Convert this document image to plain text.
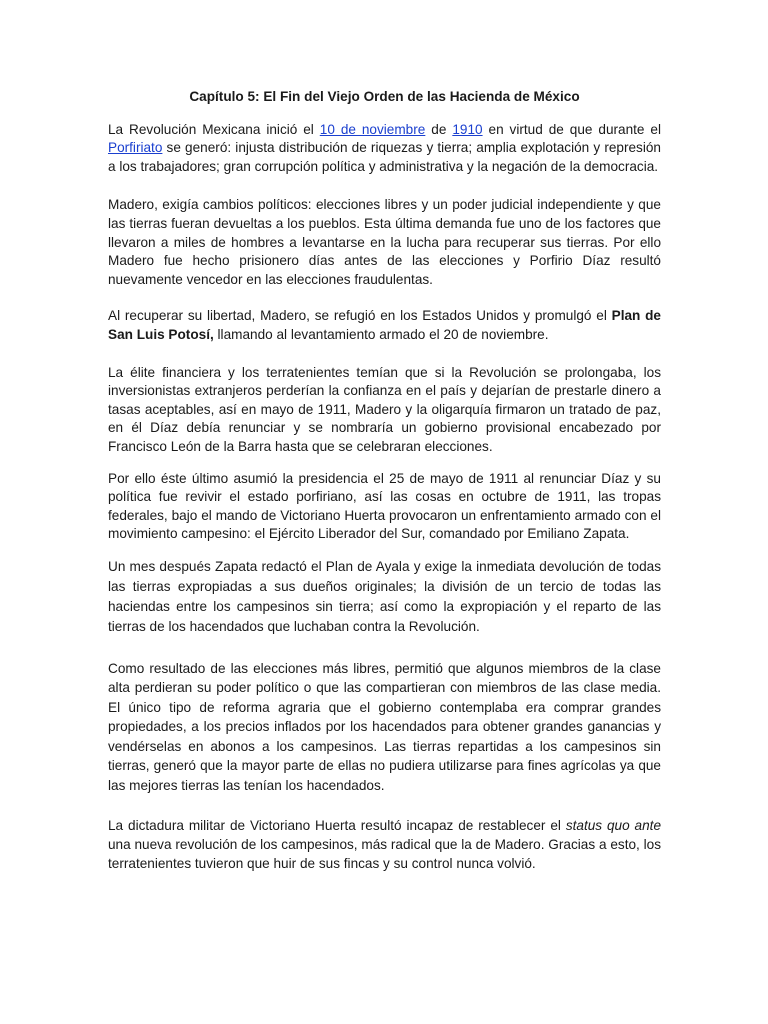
Capítulo 5: El Fin del Viejo Orden de las Hacienda de México

La Revolución Mexicana inició el 10 de noviembre de 1910 en virtud de que durante el Porfiriato se generó: injusta distribución de riquezas y tierra; amplia explotación y represión a los trabajadores; gran corrupción política y administrativa y la negación de la democracia.

Madero, exigía cambios políticos: elecciones libres y un poder judicial independiente y que las tierras fueran devueltas a los pueblos. Esta última demanda fue uno de los factores que llevaron a miles de hombres a levantarse en la lucha para recuperar sus tierras. Por ello Madero fue hecho prisionero días antes de las elecciones y Porfirio Díaz resultó nuevamente vencedor en las elecciones fraudulentas.

Al recuperar su libertad, Madero, se refugió en los Estados Unidos y promulgó el Plan de San Luis Potosí, llamando al levantamiento armado el 20 de noviembre.

La élite financiera y los terratenientes temían que si la Revolución se prolongaba, los inversionistas extranjeros perderían la confianza en el país y dejarían de prestarle dinero a tasas aceptables, así en mayo de 1911, Madero y la oligarquía firmaron un tratado de paz, en él Díaz debía renunciar y se nombraría un gobierno provisional encabezado por Francisco León de la Barra hasta que se celebraran elecciones.

Por ello éste último asumió la presidencia el 25 de mayo de 1911 al renunciar Díaz y su política fue revivir el estado porfiriano, así las cosas en octubre de 1911, las tropas federales, bajo el mando de Victoriano Huerta provocaron un enfrentamiento armado con el movimiento campesino: el Ejército Liberador del Sur, comandado por Emiliano Zapata.

Un mes después Zapata redactó el Plan de Ayala y exige la inmediata devolución de todas las tierras expropiadas a sus dueños originales; la división de un tercio de todas las haciendas entre los campesinos sin tierra; así como la expropiación y el reparto de las tierras de los hacendados que luchaban contra la Revolución.

Como resultado de las elecciones más libres, permitió que algunos miembros de la clase alta perdieran su poder político o que las compartieran con miembros de las clase media. El único tipo de reforma agraria que el gobierno contemplaba era comprar grandes propiedades, a los precios inflados por los hacendados para obtener grandes ganancias y vendérselas en abonos a los campesinos. Las tierras repartidas a los campesinos sin tierras, generó que la mayor parte de ellas no pudiera utilizarse para fines agrícolas ya que las mejores tierras las tenían los hacendados.

La dictadura militar de Victoriano Huerta resultó incapaz de restablecer el status quo ante una nueva revolución de los campesinos, más radical que la de Madero. Gracias a esto, los terratenientes tuvieron que huir de sus fincas y su control nunca volvió.
